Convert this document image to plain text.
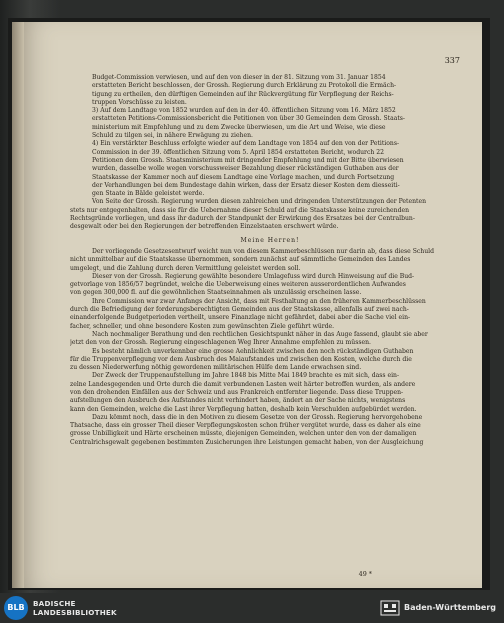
337
Budget-Commission verwiesen, und auf den von dieser in der 81. Sitzung vom 31. Januar 1854
erstatteten Bericht beschlossen, der Grossh. Regierung durch Erklärung zu Protokoll die Ermäch-
tigung zu ertheilen, den dürftigen Gemeinden auf ihr Rückvergütung für Verpflegung der Reichs-
truppen Vorschüsse zu leisten.
3) Auf dem Landtage von 1852 wurden auf den in der 40. öffentlichen Sitzung vom 16. März 1852
erstatteten Petitions-Commissionsbericht die Petitionen von über 30 Gemeinden dem Grossh. Staats-
ministerium mit Empfehlung und zu dem Zwecke überwiesen, um die Art und Weise, wie diese
Schuld zu tilgen sei, in nähere Erwägung zu ziehen.
4) Ein verstärkter Beschluss erfolgte wieder auf dem Landtage von 1854 auf den von der Petitions-
Commission in der 39. öffentlichen Sitzung vom 5. April 1854 erstatteten Bericht, wodurch 22
Petitionen dem Grossh. Staatsministerium mit dringender Empfehlung und mit der Bitte überwiesen
wurden, dasselbe wolle wegen vorschussweiser Bezahlung dieser rückständigen Guthaben aus der
Staatskasse der Kammer noch auf diesem Landtage eine Vorlage machen, und durch Fortsetzung
der Verhandlungen bei dem Bundestage dahin wirken, dass der Ersatz dieser Kosten dem diesseiti-
gen Staate in Bälde geleistet werde.
Von Seite der Grossh. Regierung wurden diesen zahlreichen und dringenden Unterstützungen der Petenten
stets nur entgegenhalten, dass sie für die Uebernahme dieser Schuld auf die Staatskasse keine zureichenden
Rechtsgründe vorliegen, und dass ihr dadurch der Standpunkt der Erwirkung des Ersatzes bei der Centralbun-
desgewalt oder bei den Regierungen der betreffenden Einzelstaaten erschwert würde.
Meine Herren!
Der vorliegende Gesetzesentwurf weicht nun von diesem Kammerbeschlüssen nur darin ab, dass diese Schuld
nicht unmittelbar auf die Staatskasse übernommen, sondern zunächst auf sämmtliche Gemeinden des Landes
umgelegt, und die Zahlung durch deren Vermittlung geleistet werden soll.
Dieser von der Grossh. Regierung gewählte besondere Umlagefuss wird durch Hinweisung auf die Bud-
getvorlage von 1856/57 begründet, welche die Ueberweisung eines weiteren ausserordentlichen Aufwandes
von gegen 300,000 fl. auf die gewöhnlichen Staatseinnahmen als unzulässig erscheinen lasse.
Ihre Commission war zwar Anfangs der Ansicht, dass mit Festhaltung an den früheren Kammerbeschlüssen
durch die Befriedigung der forderungsberechtigten Gemeinden aus der Staatskasse, allenfalls auf zwei nach-
einanderfolgende Budgetperioden vertheilt, unsere Finanzlage nicht gefährdet, dabei aber die Sache viel ein-
facher, schneller, und ohne besondere Kosten zum gewünschten Ziele geführt würde.
Nach nochmaliger Berathung und den rechtlichen Gesichtspunkt näher in das Auge fassend, glaubt sie aber
jetzt den von der Grossh. Regierung eingeschlagenen Weg Ihrer Annahme empfehlen zu müssen.
Es besteht nämlich unverkennbar eine grosse Aehnlichkeit zwischen den noch rückständigen Guthaben
für die Truppenverpflegung vor dem Ausbruch des Maiaufstandes und zwischen den Kosten, welche durch die
zu dessen Niederwerfung nöthig gewordenen militärischen Hülfe dem Lande erwachsen sind.
Der Zweck der Truppenaufstellung im Jahre 1848 bis Mitte Mai 1849 brachte es mit sich, dass ein-
zelne Landesgegenden und Orte durch die damit verbundenen Lasten weit härter betroffen wurden, als andere
von den drohenden Einfällen aus der Schweiz und aus Frankreich entfernter liegende. Dass diese Truppen-
aufstellungen den Ausbruch des Aufstandes nicht verhindert haben, ändert an der Sache nichts, wenigstens
kann den Gemeinden, welche die Last ihrer Verpflegung hatten, deshalb kein Verschulden aufgebürdet werden.
Dazu kömmt noch, dass die in den Motiven zu diesem Gesetze von der Grossh. Regierung hervorgehobene
Thatsache, dass ein grosser Theil dieser Verpflegungskosten schon früher vergütet wurde, dass es daher als eine
grosse Unbilligkeit und Härte erscheinen müsste, diejenigen Gemeinden, welchen unter den von der damaligen
Centralrichsgewalt gegebenen bestimmten Zusicherungen ihre Leistungen gemacht haben, von der Ausgleichung
49 *
BLB	BADISCHE
LANDESBIBLIOTHEK
Baden-Württemberg
